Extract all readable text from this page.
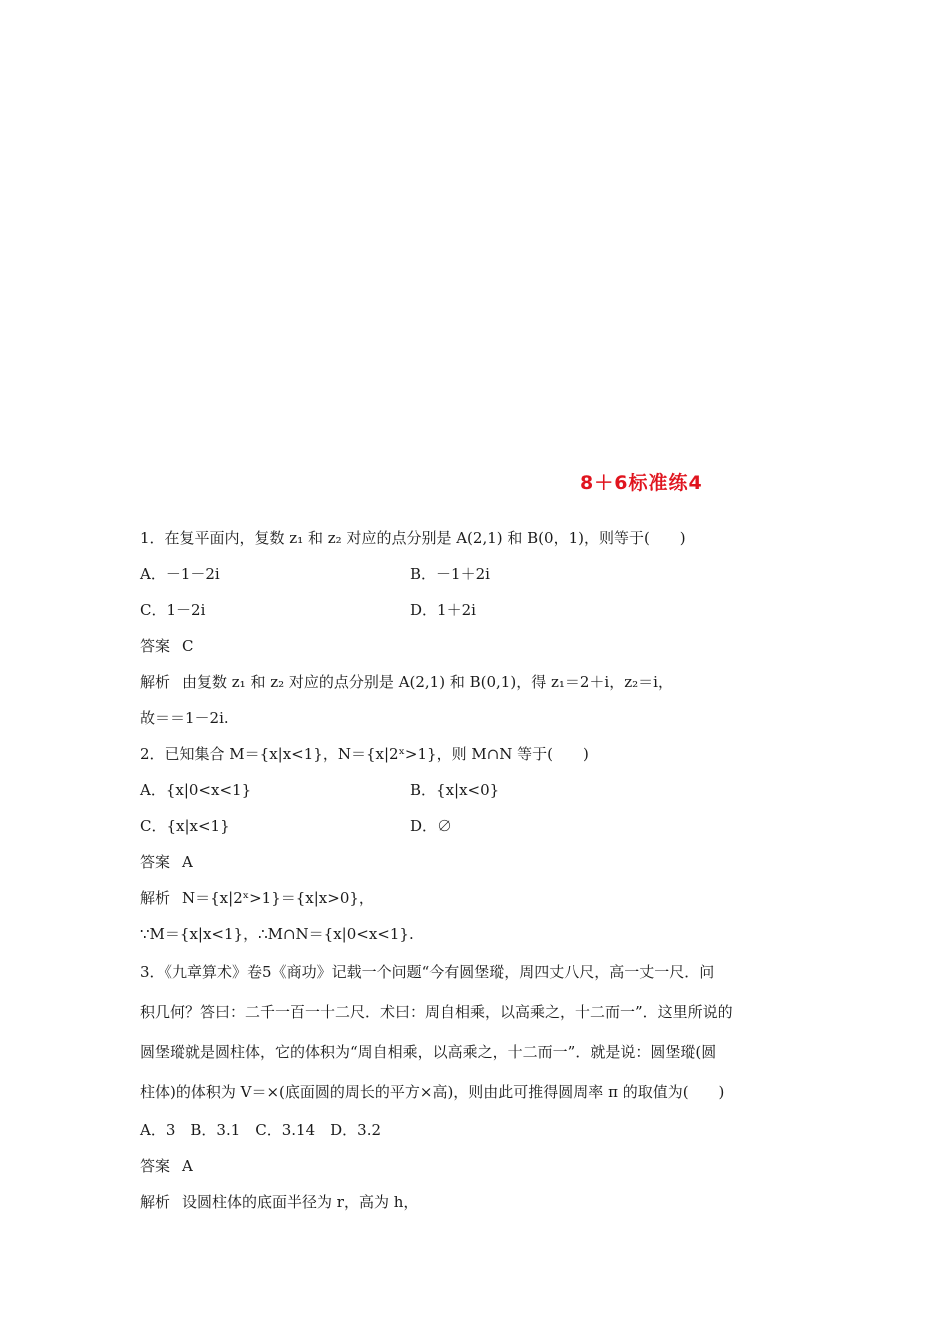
8＋6标准练4
1．在复平面内，复数 z₁ 和 z₂ 对应的点分别是 A(2,1) 和 B(0，1)，则等于(　　)
A．－1－2i	B．－1＋2i
C．1－2i	D．1＋2i
答案 C
解析 由复数 z₁ 和 z₂ 对应的点分别是 A(2,1) 和 B(0,1)，得 z₁＝2＋i，z₂＝i，
故＝＝1－2i.
2．已知集合 M＝{x|x<1}，N＝{x|2ˣ>1}，则 M∩N 等于(　　)
A．{x|0<x<1}	B．{x|x<0}
C．{x|x<1}	D．∅
答案 A
解析 N＝{x|2ˣ>1}＝{x|x>0}，
∵M＝{x|x<1}，∴M∩N＝{x|0<x<1}.
3．《九章算术》卷5《商功》记载一个问题“今有圆堡瑽，周四丈八尺，高一丈一尺．问
积几何？答曰：二千一百一十二尺．术曰：周自相乘，以高乘之，十二而一”．这里所说的
圆堡瑽就是圆柱体，它的体积为“周自相乘，以高乘之，十二而一”．就是说：圆堡瑽(圆
柱体)的体积为 V＝×(底面圆的周长的平方×高)，则由此可推得圆周率 π 的取值为(　　)
A．3　B．3.1　C．3.14　D．3.2
答案 A
解析 设圆柱体的底面半径为 r，高为 h，
